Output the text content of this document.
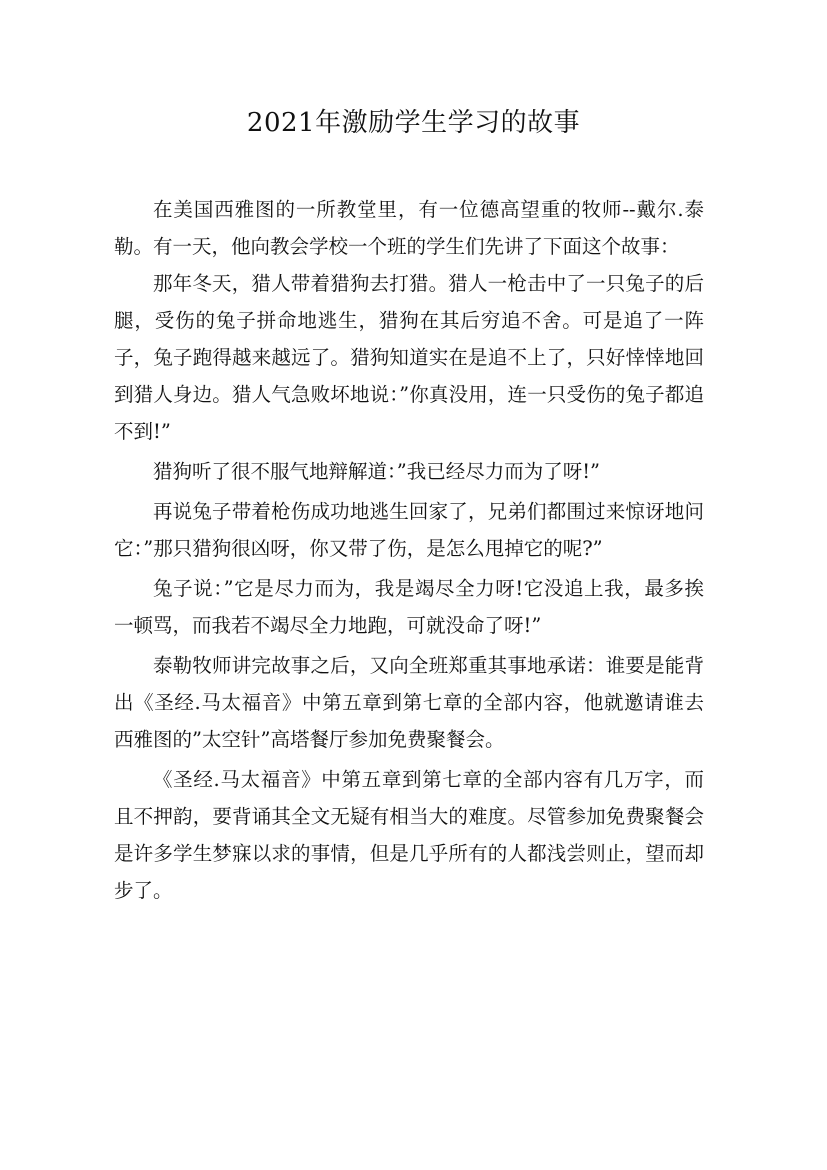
2021年激励学生学习的故事

在美国西雅图的一所教堂里，有一位德高望重的牧师--戴尔.泰勒。有一天，他向教会学校一个班的学生们先讲了下面这个故事：

那年冬天，猎人带着猎狗去打猎。猎人一枪击中了一只兔子的后腿，受伤的兔子拼命地逃生，猎狗在其后穷追不舍。可是追了一阵子，兔子跑得越来越远了。猎狗知道实在是追不上了，只好悻悻地回到猎人身边。猎人气急败坏地说：”你真没用，连一只受伤的兔子都追不到!”

猎狗听了很不服气地辩解道：”我已经尽力而为了呀!”

再说兔子带着枪伤成功地逃生回家了，兄弟们都围过来惊讶地问它：”那只猎狗很凶呀，你又带了伤，是怎么甩掉它的呢?”

兔子说：”它是尽力而为，我是竭尽全力呀!它没追上我，最多挨一顿骂，而我若不竭尽全力地跑，可就没命了呀!”

泰勒牧师讲完故事之后，又向全班郑重其事地承诺：谁要是能背出《圣经.马太福音》中第五章到第七章的全部内容，他就邀请谁去西雅图的”太空针”高塔餐厅参加免费聚餐会。

《圣经.马太福音》中第五章到第七章的全部内容有几万字，而且不押韵，要背诵其全文无疑有相当大的难度。尽管参加免费聚餐会是许多学生梦寐以求的事情，但是几乎所有的人都浅尝则止，望而却步了。
